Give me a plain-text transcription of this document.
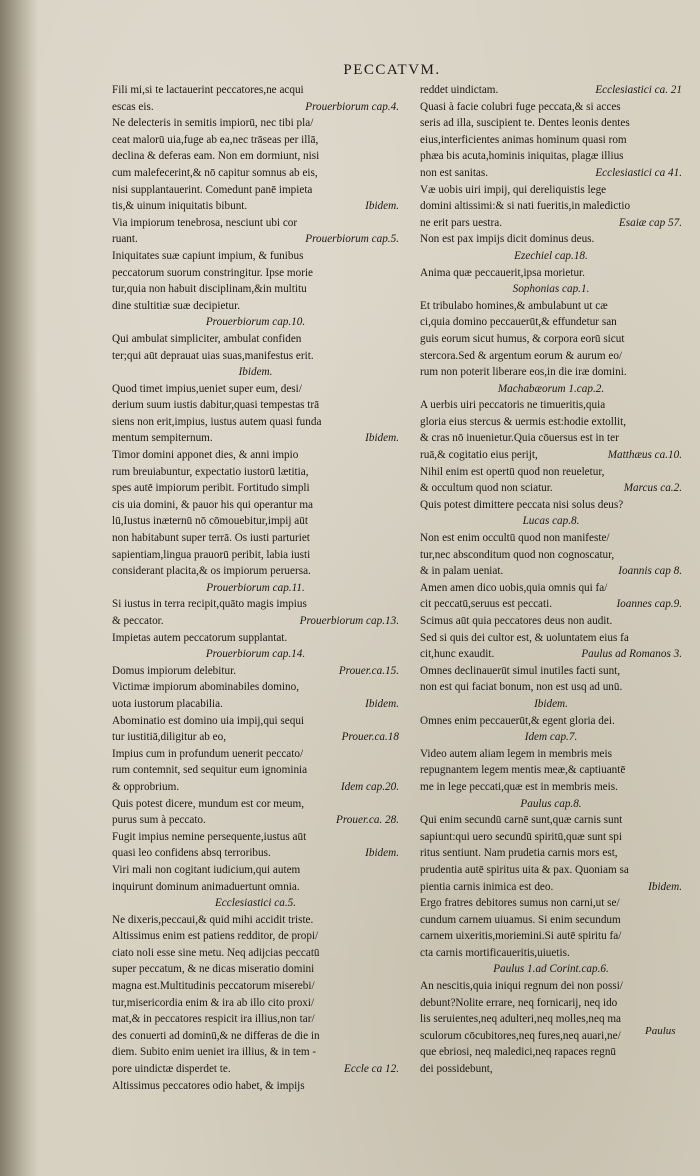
PECCATVM.

Fili mi,si te lactauerint peccatores,ne acqui

escas eis.	Prouerbiorum cap.4.

Ne delecteris in semitis impiorū, nec tibi pla/

ceat malorū uia,fuge ab ea,nec trāseas per illā,

declina & deferas eam. Non em dormiunt, nisi

cum malefecerint,& nō capitur somnus ab eis,

nisi supplantauerint. Comedunt panē impieta

tis,& uinum iniquitatis bibunt.	Ibidem.

Via impiorum tenebrosa, nesciunt ubi cor

ruant.	Prouerbiorum cap.5.

Iniquitates suæ capiunt impium, & funibus

peccatorum suorum constringitur. Ipse morie

tur,quia non habuit disciplinam,&in multitu

dine stultitiæ suæ decipietur.

Prouerbiorum cap.10.

Qui ambulat simpliciter, ambulat confiden

ter;qui aūt deprauat uias suas,manifestus erit.

Ibidem.

Quod timet impius,ueniet super eum, desi/

derium suum iustis dabitur,quasi tempestas trā

siens non erit,impius, iustus autem quasi funda

mentum sempiternum.	Ibidem.

Timor domini apponet dies, & anni impio

rum breuiabuntur, expectatio iustorū lætitia,

spes autē impiorum peribit. Fortitudo simpli

cis uia domini, & pauor his qui operantur ma

lū,Iustus inæternū nō cōmouebitur,impij aūt

non habitabunt super terrā. Os iusti parturiet

sapientiam,lingua prauorū peribit, labia iusti

considerant placita,& os impiorum peruersa.

Prouerbiorum cap.11.

Si iustus in terra recipit,quāto magis impius

& peccator.	Prouerbiorum cap.13.

Impietas autem peccatorum supplantat.

Prouerbiorum cap.14.

Domus impiorum delebitur.	Prouer.ca.15.

Victimæ impiorum abominabiles domino,

uota iustorum placabilia.	Ibidem.

Abominatio est domino uia impij,qui sequi

tur iustitiā,diligitur ab eo,	Prouer.ca.18

Impius cum in profundum uenerit peccato/

rum contemnit, sed sequitur eum ignominia

& opprobrium.	Idem cap.20.

Quis potest dicere, mundum est cor meum,

purus sum à peccato.	Prouer.ca. 28.

Fugit impius nemine persequente,iustus aūt

quasi leo confidens absq terroribus.	Ibidem.

Viri mali non cogitant iudicium,qui autem

inquirunt dominum animaduertunt omnia.

Ecclesiastici ca.5.

Ne dixeris,peccaui,& quid mihi accidit triste.

Altissimus enim est patiens redditor, de propi/

ciato noli esse sine metu. Neq adijcias peccatū

super peccatum, & ne dicas miseratio domini

magna est.Multitudinis peccatorum miserebi/

tur,misericordia enim & ira ab illo cito proxi/

mat,& in peccatores respicit ira illius,non tar/

des conuerti ad dominū,& ne differas de die in

diem. Subito enim ueniet ira illius, & in tem -

pore uindictæ disperdet te.	Eccle ca 12.

Altissimus peccatores odio habet, & impijs

reddet uindictam.	Ecclesiastici ca. 21

Quasi à facie colubri fuge peccata,& si acces

seris ad illa, suscipient te. Dentes leonis dentes

eius,interficientes animas hominum quasi rom

phæa bis acuta,hominis iniquitas, plagæ illius

non est sanitas.	Ecclesiastici ca 41.

Væ uobis uiri impij, qui dereliquistis lege

domini altissimi:& si nati fueritis,in maledictio

ne erit pars uestra.	Esaiæ cap 57.

Non est pax impijs dicit dominus deus.

Ezechiel cap.18.

Anima quæ peccauerit,ipsa morietur.

Sophonias cap.1.

Et tribulabo homines,& ambulabunt ut cæ

ci,quia domino peccauerūt,& effundetur san

guis eorum sicut humus, & corpora eorū sicut

stercora.Sed & argentum eorum & aurum eo/

rum non poterit liberare eos,in die iræ domini.

Machabæorum 1.cap.2.

A uerbis uiri peccatoris ne timueritis,quia

gloria eius stercus & uermis est:hodie extollit,

& cras nō inuenietur.Quia cōuersus est in ter

ruā,& cogitatio eius perijt,	Matthæus ca.10.

Nihil enim est opertū quod non reueletur,

& occultum quod non sciatur.	Marcus ca.2.

Quis potest dimittere peccata nisi solus deus?

Lucas cap.8.

Non est enim occultū quod non manifeste/

tur,nec absconditum quod non cognoscatur,

& in palam ueniat.	Ioannis cap 8.

Amen amen dico uobis,quia omnis qui fa/

cit peccatū,seruus est peccati.	Ioannes cap.9.

Scimus aūt quia peccatores deus non audit.

Sed si quis dei cultor est, & uoluntatem eius fa

cit,hunc exaudit.	Paulus ad Romanos 3.

Omnes declinauerūt simul inutiles facti sunt,

non est qui faciat bonum, non est usq ad unū.

Ibidem.

Omnes enim peccauerūt,& egent gloria dei.

Idem cap.7.

Video autem aliam legem in membris meis

repugnantem legem mentis meæ,& captiuantē

me in lege peccati,quæ est in membris meis.

Paulus cap.8.

Qui enim secundū carnē sunt,quæ carnis sunt

sapiunt:qui uero secundū spiritū,quæ sunt spi

ritus sentiunt. Nam prudetia carnis mors est,

prudentia autē spiritus uita & pax. Quoniam sa

pientia carnis inimica est deo.	Ibidem.

Ergo fratres debitores sumus non carni,ut se/

cundum carnem uiuamus. Si enim secundum

carnem uixeritis,moriemini.Si autē spiritu fa/

cta carnis mortificaueritis,uiuetis.

Paulus 1.ad Corint.cap.6.

An nescitis,quia iniqui regnum dei non possi/

debunt?Nolite errare, neq fornicarij, neq ido

lis seruientes,neq adulteri,neq molles,neq ma

sculorum cōcubitores,neq fures,neq auari,ne/

que ebriosi, neq maledici,neq rapaces regnū

dei possidebunt,

Paulus
